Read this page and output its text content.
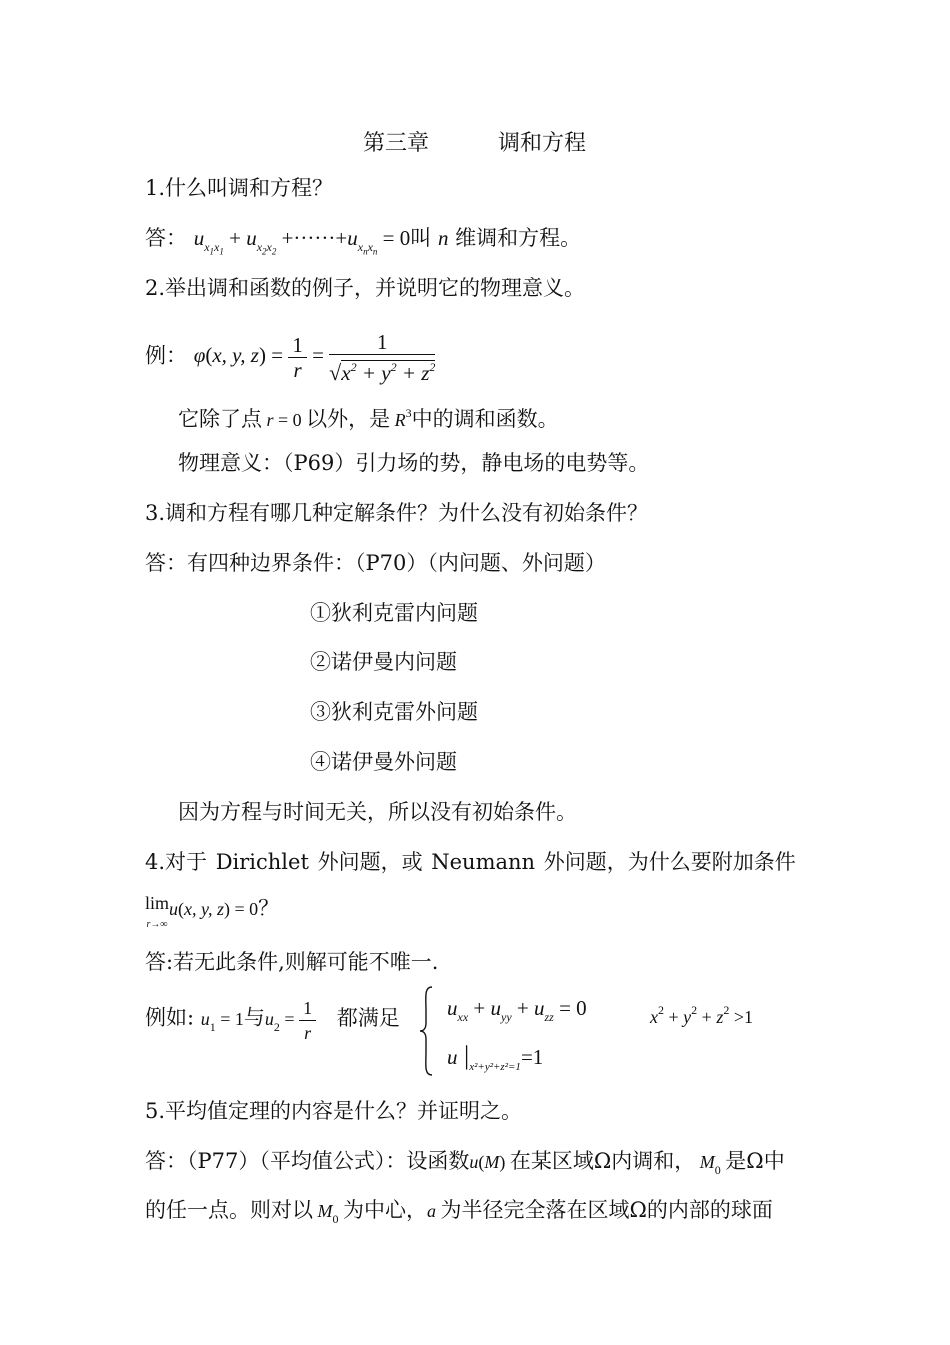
第三章	调和方程
1.什么叫调和方程？
答： $u_{x_1x_1} + u_{x_2x_2} +\cdot\cdot\cdot\cdot\cdot\cdot+u_{x_nx_n} = 0$叫 n 维调和方程。
2.举出调和函数的例子，并说明它的物理意义。
例： φ(x, y, $z) = \frac{1}{r} = \frac{1}{√x^2 + y^2 + z^2}$
它除了点 r = 0 以外，是 $R^3$中的调和函数。
物理意义：（P69）引力场的势，静电场的电势等。
3.调和方程有哪几种定解条件？为什么没有初始条件？
答：有四种边界条件：（P70）（内问题、外问题）
①狄利克雷内问题
②诺伊曼内问题
③狄利克雷外问题
④诺伊曼外问题
因为方程与时间无关，所以没有初始条件。
4.对于 Dirichlet 外问题，或 Neumann 外问题，为什么要附加条件
lim
r→∞u(x, y, z) = 0？
答:若无此条件,则解可能不唯一.
例如: $u_1 = 1$与$u_2 = \frac{1}{r}$ 都满足 $u_{xx} + u_{yy} + u_{zz} = 0$	$x^2 + y^2 + z^2 >1$
u $|_{x^2+y^2+z^2=1}=1$
5.平均值定理的内容是什么？并证明之。
答：（P77）（平均值公式）：设函数u(M) 在某区域Ω内调和， $M_0$ 是Ω中
的任一点。则对以 $M_0$ 为中心，a 为半径完全落在区域Ω的内部的球面
